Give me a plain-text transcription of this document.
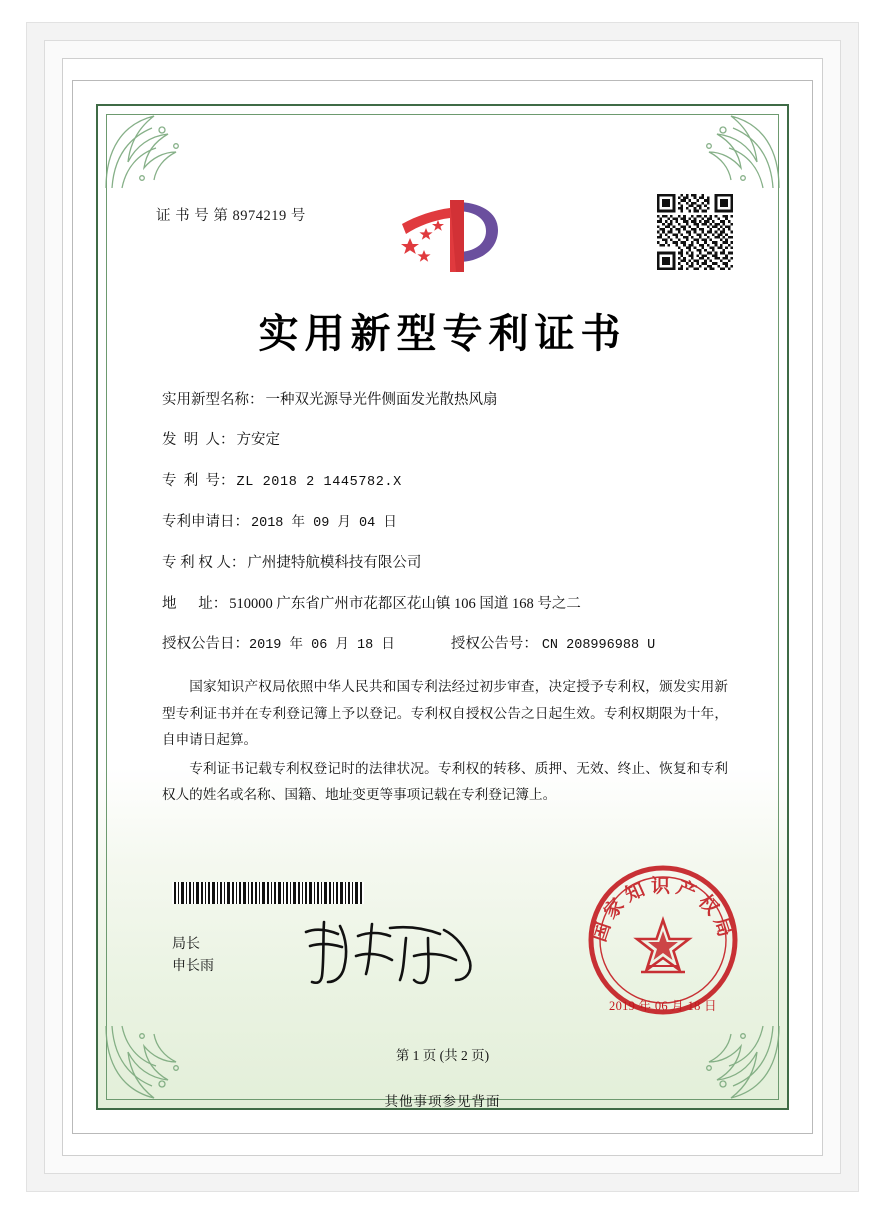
证 书 号 第 8974219 号
实用新型专利证书
实用新型名称： 一种双光源导光件侧面发光散热风扇
发  明  人： 方安定
专  利  号： ZL 2018 2 1445782.X
专利申请日： 2018 年 09 月 04 日
专 利 权 人： 广州捷特航模科技有限公司
地      址： 510000 广东省广州市花都区花山镇 106 国道 168 号之二
授权公告日： 2019 年 06 月 18 日	授权公告号： CN 208996988 U

国家知识产权局依照中华人民共和国专利法经过初步审查，决定授予专利权，颁发实用新型专利证书并在专利登记簿上予以登记。专利权自授权公告之日起生效。专利权期限为十年，自申请日起算。

专利证书记载专利权登记时的法律状况。专利权的转移、质押、无效、终止、恢复和专利权人的姓名或名称、国籍、地址变更等事项记载在专利登记簿上。

局长
申长雨
国家知识产权局
2019 年 06 月 18 日
第 1 页 (共 2 页)
其他事项参见背面
